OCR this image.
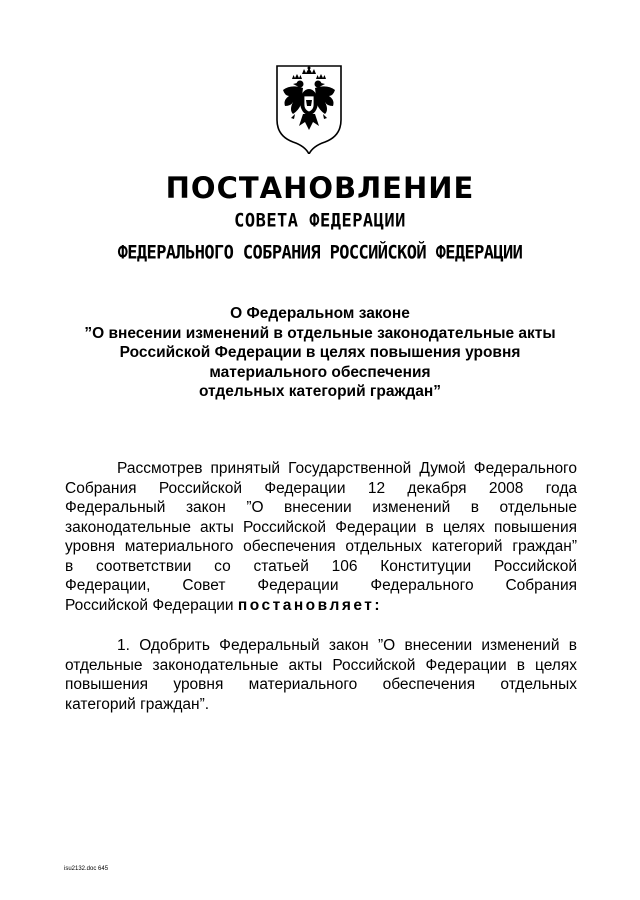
ПОСТАНОВЛЕНИЕ
СОВЕТА ФЕДЕРАЦИИ
ФЕДЕРАЛЬНОГО СОБРАНИЯ РОССИЙСКОЙ ФЕДЕРАЦИИ
О Федеральном законе
”О внесении изменений в отдельные законодательные акты
Российской Федерации в целях повышения уровня
материального обеспечения
отдельных категорий граждан”
Рассмотрев принятый Государственной Думой Федерального
Собрания Российской Федерации 12 декабря 2008 года
Федеральный закон ”О внесении изменений в отдельные
законодательные акты Российской Федерации в целях повышения
уровня материального обеспечения отдельных категорий граждан”
в соответствии со статьей 106 Конституции Российской
Федерации, Совет Федерации Федерального Собрания
Российской Федерации постановляет:
1. Одобрить Федеральный закон ”О внесении изменений в
отдельные законодательные акты Российской Федерации в целях
повышения уровня материального обеспечения отдельных
категорий граждан”.
isu2132.doc 645
